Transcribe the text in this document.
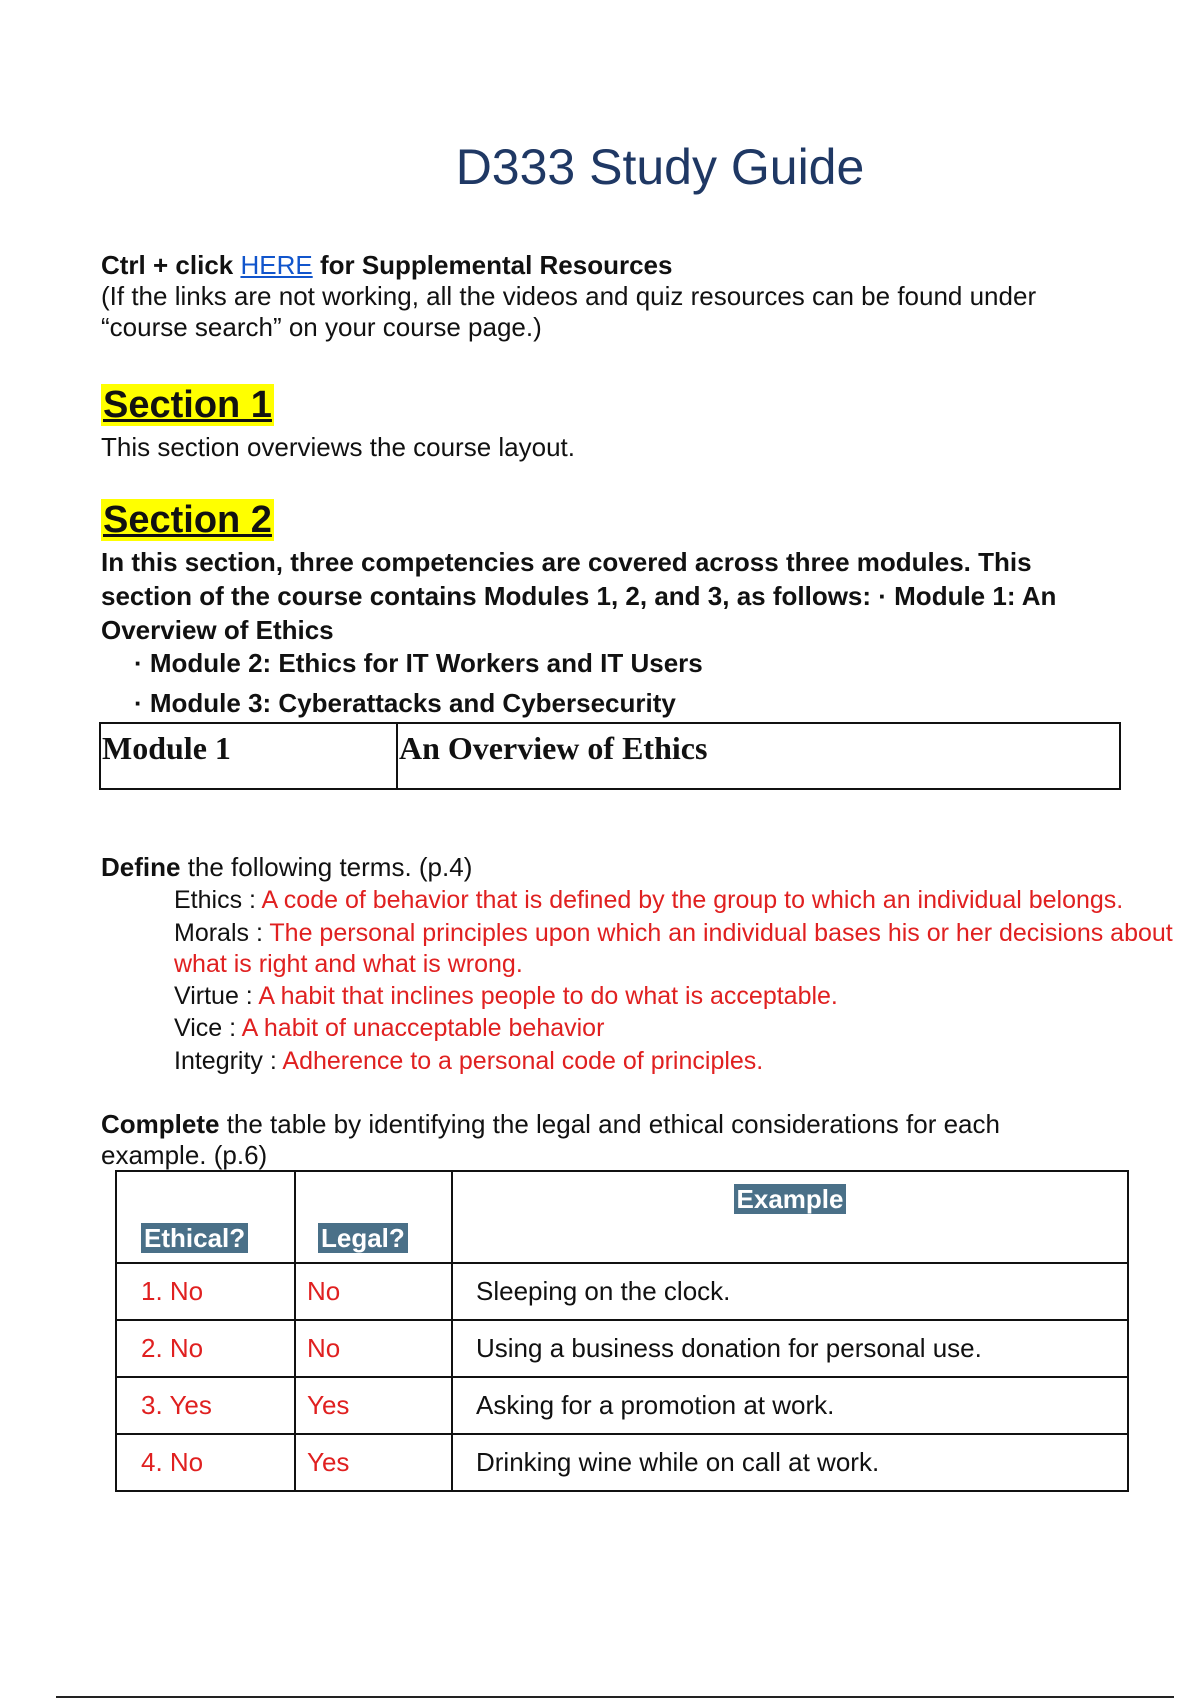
D333 Study Guide
Ctrl + click HERE for Supplemental Resources
(If the links are not working, all the videos and quiz resources can be found under “course search” on your course page.)
Section 1
This section overviews the course layout.
Section 2
In this section, three competencies are covered across three modules. This section of the course contains Modules 1, 2, and 3, as follows: · Module 1: An Overview of Ethics
· Module 2: Ethics for IT Workers and IT Users
· Module 3: Cyberattacks and Cybersecurity
Module 1	An Overview of Ethics
Define the following terms. (p.4)
Ethics : A code of behavior that is defined by the group to which an individual belongs.
Morals : The personal principles upon which an individual bases his or her decisions about what is right and what is wrong.
Virtue : A habit that inclines people to do what is acceptable.
Vice : A habit of unacceptable behavior
Integrity : Adherence to a personal code of principles.
Complete the table by identifying the legal and ethical considerations for each example. (p.6)
Ethical?	Legal?	Example
1. No	No	Sleeping on the clock.
2. No	No	Using a business donation for personal use.
3. Yes	Yes	Asking for a promotion at work.
4. No	Yes	Drinking wine while on call at work.
